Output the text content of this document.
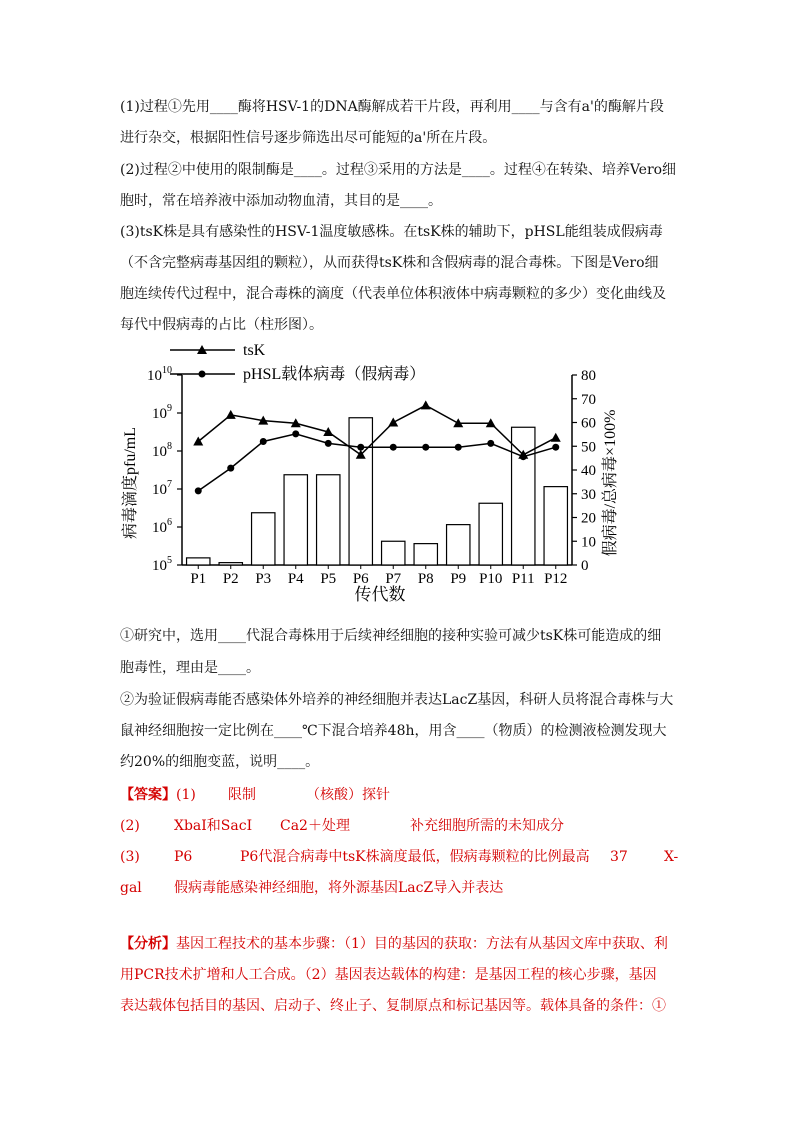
(1)过程①先用____酶将HSV-1的DNA酶解成若干片段，再利用____与含有a'的酶解片段
进行杂交，根据阳性信号逐步筛选出尽可能短的a'所在片段。
(2)过程②中使用的限制酶是____。过程③采用的方法是____。过程④在转染、培养Vero细
胞时，常在培养液中添加动物血清，其目的是____。
(3)tsK株是具有感染性的HSV-1温度敏感株。在tsK株的辅助下，pHSL能组装成假病毒
（不含完整病毒基因组的颗粒），从而获得tsK株和含假病毒的混合毒株。下图是Vero细
胞连续传代过程中，混合毒株的滴度（代表单位体积液体中病毒颗粒的多少）变化曲线及
每代中假病毒的占比（柱形图）。
tsK
pHSL载体病毒（假病毒）
$10^5$
$10^6$
$10^7$
$10^8$
$10^9$
$10^{10}$
0
10
20
30
40
50
60
70
80
P1 P2 P3 P4 P5 P6 P7 P8 P9 P10 P11 P12
传代数
病毒滴度pfu/mL	假病毒/总病毒×100%
①研究中，选用____代混合毒株用于后续神经细胞的接种实验可减少tsK株可能造成的细
胞毒性，理由是____。
②为验证假病毒能否感染体外培养的神经细胞并表达LacZ基因，科研人员将混合毒株与大
鼠神经细胞按一定比例在____℃下混合培养48h，用含____（物质）的检测液检测发现大
约20%的细胞变蓝，说明____。
【答案】(1) 限制	（核酸）探针
(2) XbaI和SacI Ca2＋处理	补充细胞所需的未知成分
(3) P6	P6代混合病毒中tsK株滴度最低，假病毒颗粒的比例最高 37	X-
gal 假病毒能感染神经细胞，将外源基因LacZ导入并表达
【分析】基因工程技术的基本步骤：（1）目的基因的获取：方法有从基因文库中获取、利
用PCR技术扩增和人工合成。（2）基因表达载体的构建：是基因工程的核心步骤，基因
表达载体包括目的基因、启动子、终止子、复制原点和标记基因等。载体具备的条件：①
